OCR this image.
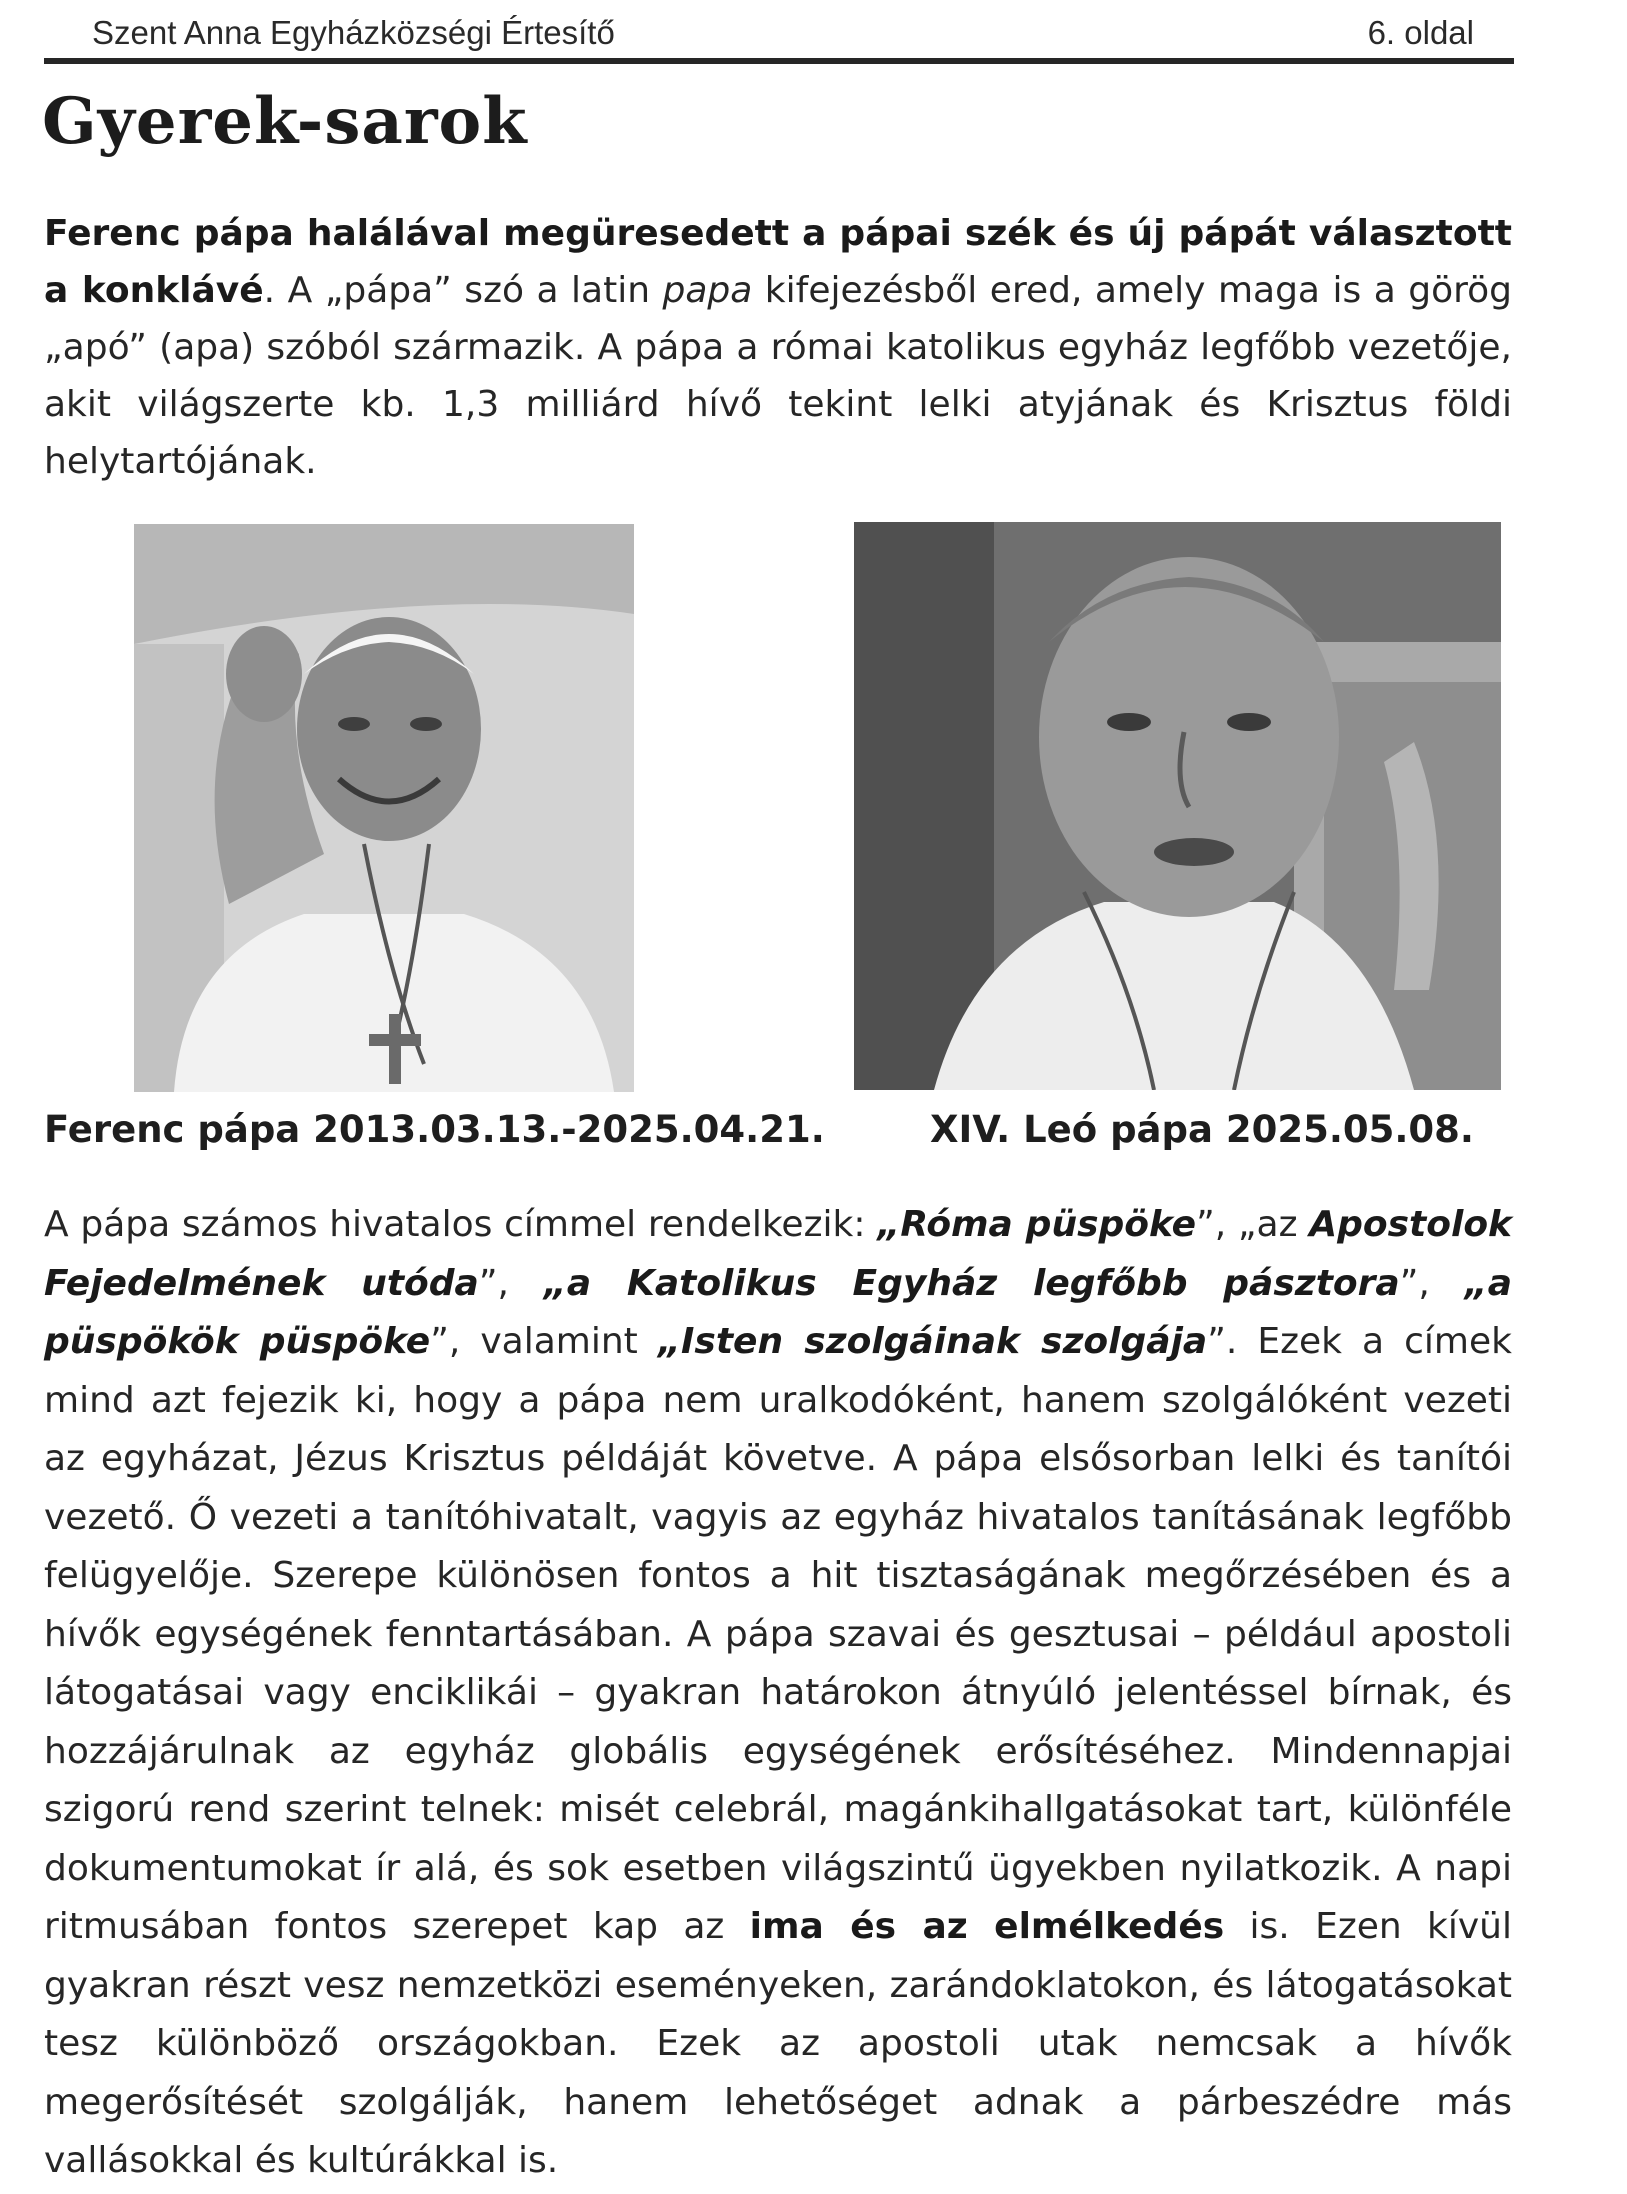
Szent Anna Egyházközségi Értesítő	6. oldal
Gyerek-sarok
Ferenc pápa halálával megüresedett a pápai szék és új pápát választott a konklávé. A „pápa” szó a latin papa kifejezésből ered, amely maga is a görög „apó” (apa) szóból származik. A pápa a római katolikus egyház legfőbb vezetője, akit világszerte kb. 1,3 milliárd hívő tekint lelki atyjának és Krisztus földi helytartójának.
Ferenc pápa 2013.03.13.-2025.04.21.	XIV. Leó pápa 2025.05.08.
A pápa számos hivatalos címmel rendelkezik: „Róma püspöke”, „az Apostolok Fejedelmének utóda”, „a Katolikus Egyház legfőbb pásztora”, „a püspökök püspöke”, valamint „Isten szolgáinak szolgája”. Ezek a címek mind azt fejezik ki, hogy a pápa nem uralkodóként, hanem szolgálóként vezeti az egyházat, Jézus Krisztus példáját követve. A pápa elsősorban lelki és tanítói vezető. Ő vezeti a tanítóhivatalt, vagyis az egyház hivatalos tanításának legfőbb felügyelője. Szerepe különösen fontos a hit tisztaságának megőrzésében és a hívők egységének fenntartásában. A pápa szavai és gesztusai – például apostoli látogatásai vagy enciklikái – gyakran határokon átnyúló jelentéssel bírnak, és hozzájárulnak az egyház globális egységének erősítéséhez. Mindennapjai szigorú rend szerint telnek: misét celebrál, magánkihallgatásokat tart, különféle dokumentumokat ír alá, és sok esetben világszintű ügyekben nyilatkozik. A napi ritmusában fontos szerepet kap az ima és az elmélkedés is. Ezen kívül gyakran részt vesz nemzetközi eseményeken, zarándoklatokon, és látogatásokat tesz különböző országokban. Ezek az apostoli utak nemcsak a hívők megerősítését szolgálják, hanem lehetőséget adnak a párbeszédre más vallásokkal és kultúrákkal is.
